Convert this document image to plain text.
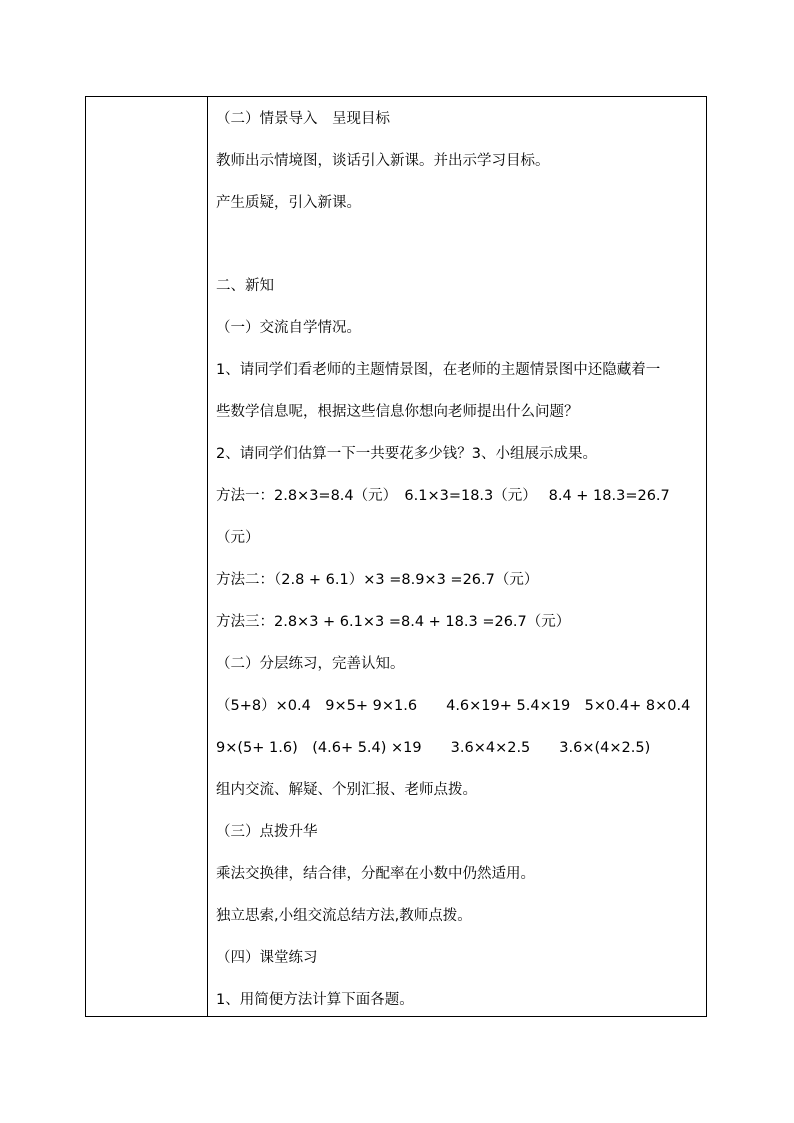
（二）情景导入　呈现目标
教师出示情境图，谈话引入新课。并出示学习目标。
产生质疑，引入新课。
二、新知
（一）交流自学情况。
1、请同学们看老师的主题情景图，在老师的主题情景图中还隐藏着一
些数学信息呢，根据这些信息你想向老师提出什么问题？
2、请同学们估算一下一共要花多少钱？3、小组展示成果。
方法一：2.8×3=8.4（元）　6.1×3=18.3（元）　 8.4 + 18.3=26.7
（元）
方法二：（2.8 + 6.1）×3 =8.9×3 =26.7（元）
方法三：2.8×3 + 6.1×3 =8.4 + 18.3 =26.7（元）
（二）分层练习，完善认知。
（5+8）×0.4　9×5+ 9×1.6　　4.6×19+ 5.4×19　5×0.4+ 8×0.4
9×(5+ 1.6)　(4.6+ 5.4) ×19　　3.6×4×2.5　　3.6×(4×2.5)
组内交流、解疑、个别汇报、老师点拨。
（三）点拨升华
乘法交换律，结合律，分配率在小数中仍然适用。
独立思索,小组交流总结方法,教师点拨。
（四）课堂练习
1、用简便方法计算下面各题。
